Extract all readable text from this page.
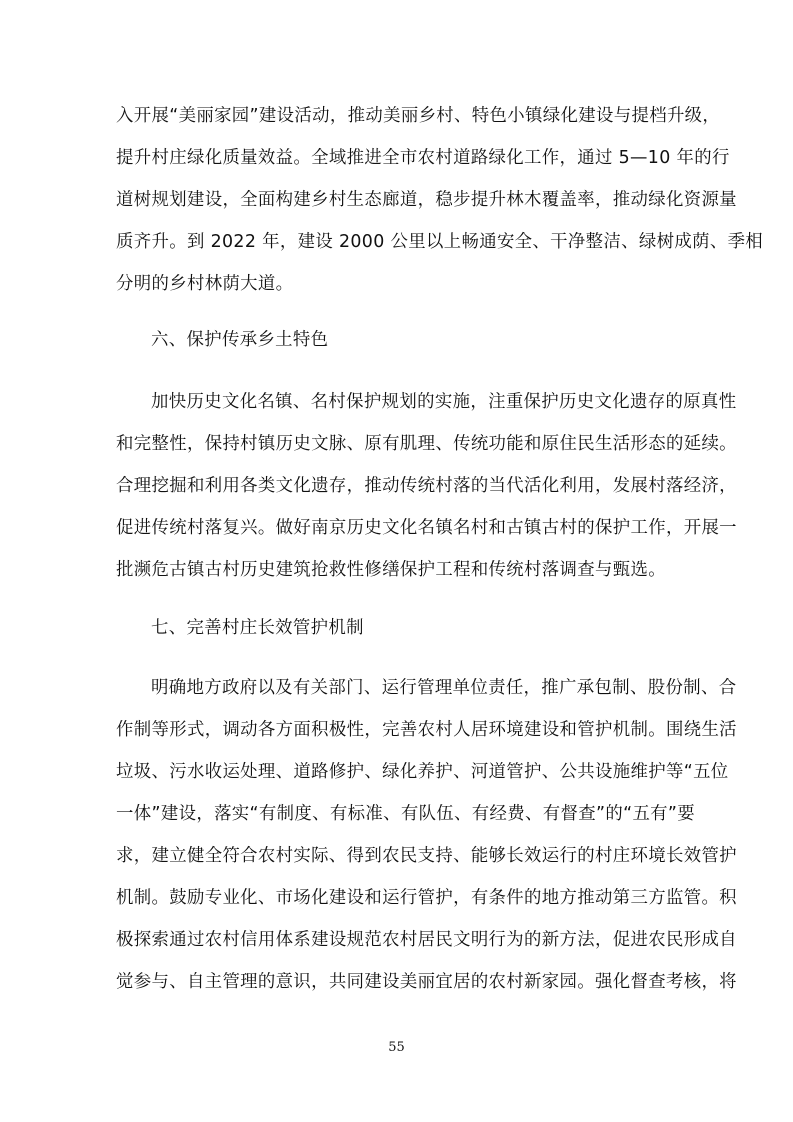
入开展“美丽家园”建设活动，推动美丽乡村、特色小镇绿化建设与提档升级，
提升村庄绿化质量效益。全域推进全市农村道路绿化工作，通过 5—10 年的行
道树规划建设，全面构建乡村生态廊道，稳步提升林木覆盖率，推动绿化资源量
质齐升。到 2022 年，建设 2000 公里以上畅通安全、干净整洁、绿树成荫、季相
分明的乡村林荫大道。
六、保护传承乡土特色
加快历史文化名镇、名村保护规划的实施，注重保护历史文化遗存的原真性
和完整性，保持村镇历史文脉、原有肌理、传统功能和原住民生活形态的延续。
合理挖掘和利用各类文化遗存，推动传统村落的当代活化利用，发展村落经济，
促进传统村落复兴。做好南京历史文化名镇名村和古镇古村的保护工作，开展一
批濒危古镇古村历史建筑抢救性修缮保护工程和传统村落调查与甄选。
七、完善村庄长效管护机制
明确地方政府以及有关部门、运行管理单位责任，推广承包制、股份制、合
作制等形式，调动各方面积极性，完善农村人居环境建设和管护机制。围绕生活
垃圾、污水收运处理、道路修护、绿化养护、河道管护、公共设施维护等“五位
一体”建设，落实“有制度、有标准、有队伍、有经费、有督查”的“五有”要
求，建立健全符合农村实际、得到农民支持、能够长效运行的村庄环境长效管护
机制。鼓励专业化、市场化建设和运行管护，有条件的地方推动第三方监管。积
极探索通过农村信用体系建设规范农村居民文明行为的新方法，促进农民形成自
觉参与、自主管理的意识，共同建设美丽宜居的农村新家园。强化督查考核，将
55
